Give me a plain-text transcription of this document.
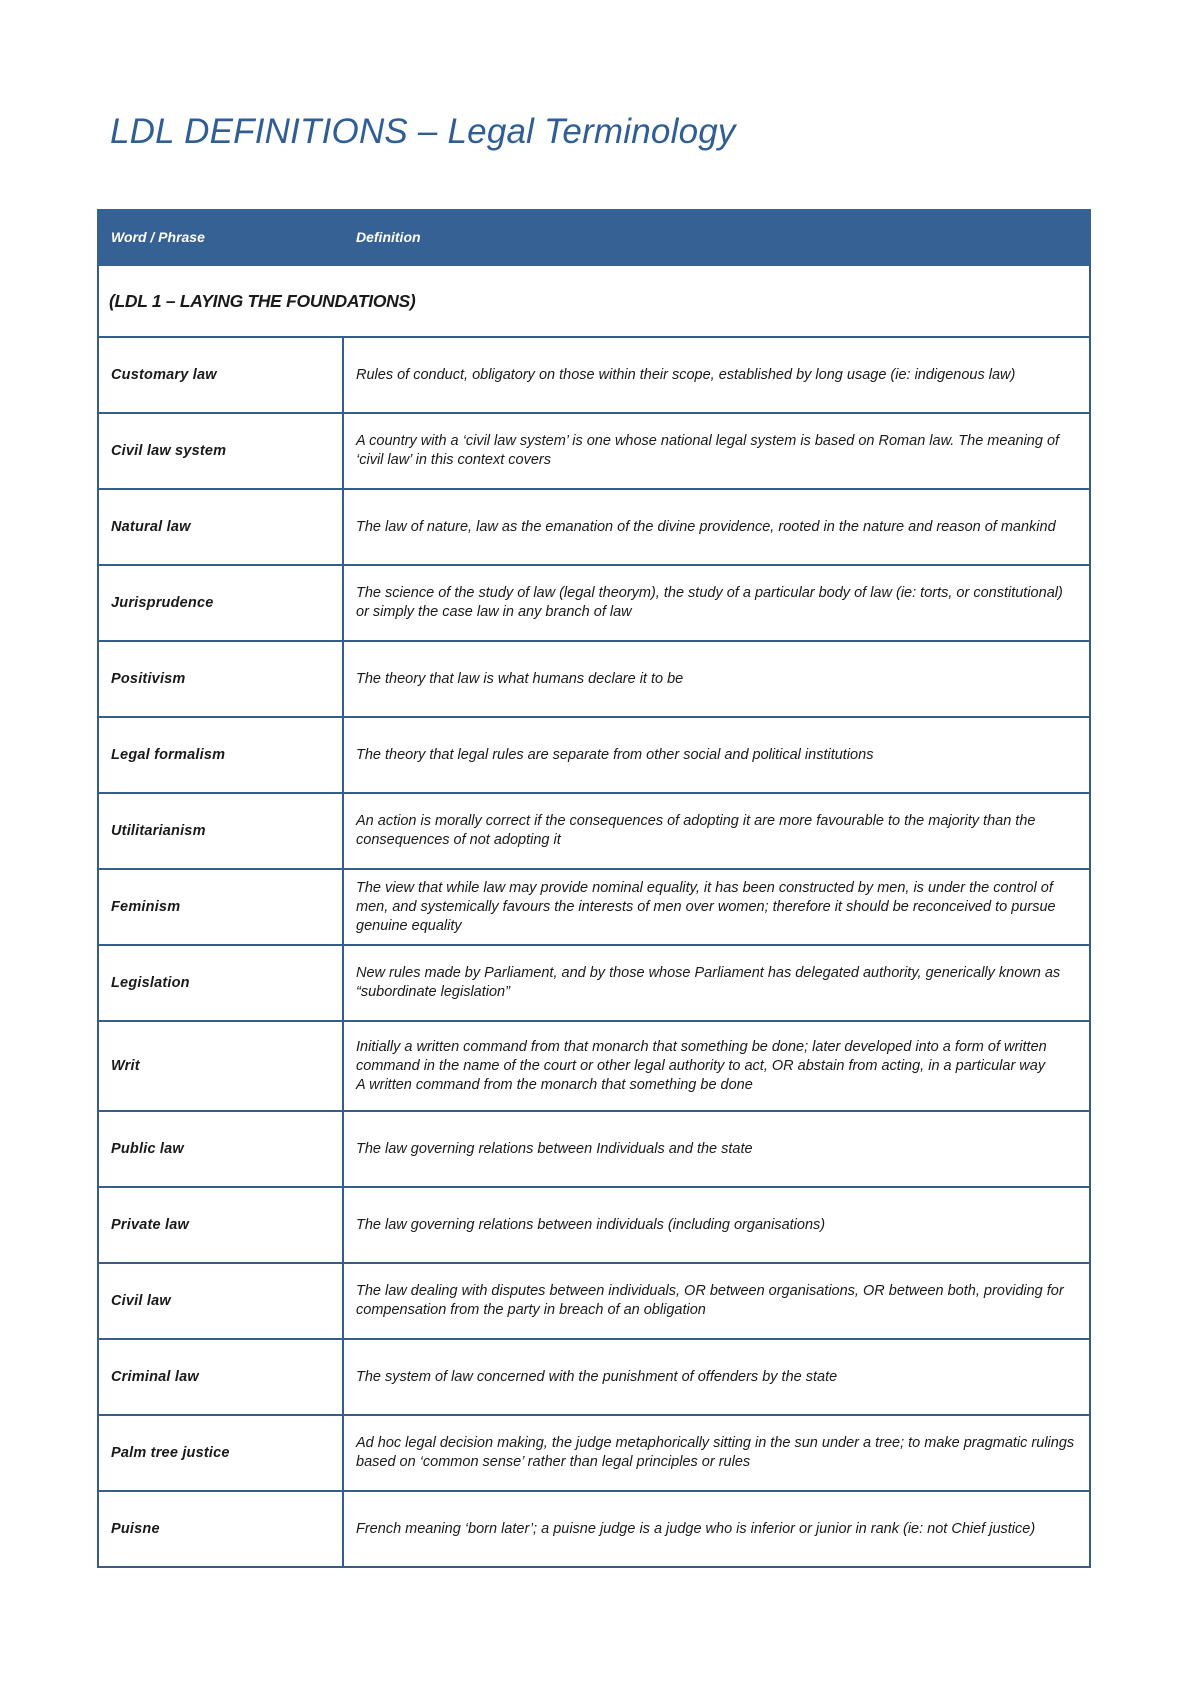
LDL DEFINITIONS – Legal Terminology
Word / Phrase	Definition
(LDL 1 – LAYING THE FOUNDATIONS)	
Customary law	Rules of conduct, obligatory on those within their scope, established by long usage (ie: indigenous law)
Civil law system	A country with a ‘civil law system’ is one whose national legal system is based on Roman law. The meaning of ‘civil law’ in this context covers
Natural law	The law of nature, law as the emanation of the divine providence, rooted in the nature and reason of mankind
Jurisprudence	The science of the study of law (legal theorym), the study of a particular body of law (ie: torts, or constitutional) or simply the case law in any branch of law
Positivism	The theory that law is what humans declare it to be
Legal formalism	The theory that legal rules are separate from other social and political institutions
Utilitarianism	An action is morally correct if the consequences of adopting it are more favourable to the majority than the consequences of not adopting it
Feminism	The view that while law may provide nominal equality, it has been constructed by men, is under the control of men, and systemically favours the interests of men over women; therefore it should be reconceived to pursue genuine equality
Legislation	New rules made by Parliament, and by those whose Parliament has delegated authority, generically known as “subordinate legislation”
Writ	Initially a written command from that monarch that something be done; later developed into a form of written command in the name of the court or other legal authority to act, OR abstain from acting, in a particular way
A written command from the monarch that something be done

Public law	The law governing relations between Individuals and the state
Private law	The law governing relations between individuals (including organisations)
Civil law	The law dealing with disputes between individuals, OR between organisations, OR between both, providing for compensation from the party in breach of an obligation
Criminal law	The system of law concerned with the punishment of offenders by the state
Palm tree justice	Ad hoc legal decision making, the judge metaphorically sitting in the sun under a tree; to make pragmatic rulings based on ‘common sense’ rather than legal principles or rules
Puisne	French meaning ‘born later’; a puisne judge is a judge who is inferior or junior in rank (ie: not Chief justice)
